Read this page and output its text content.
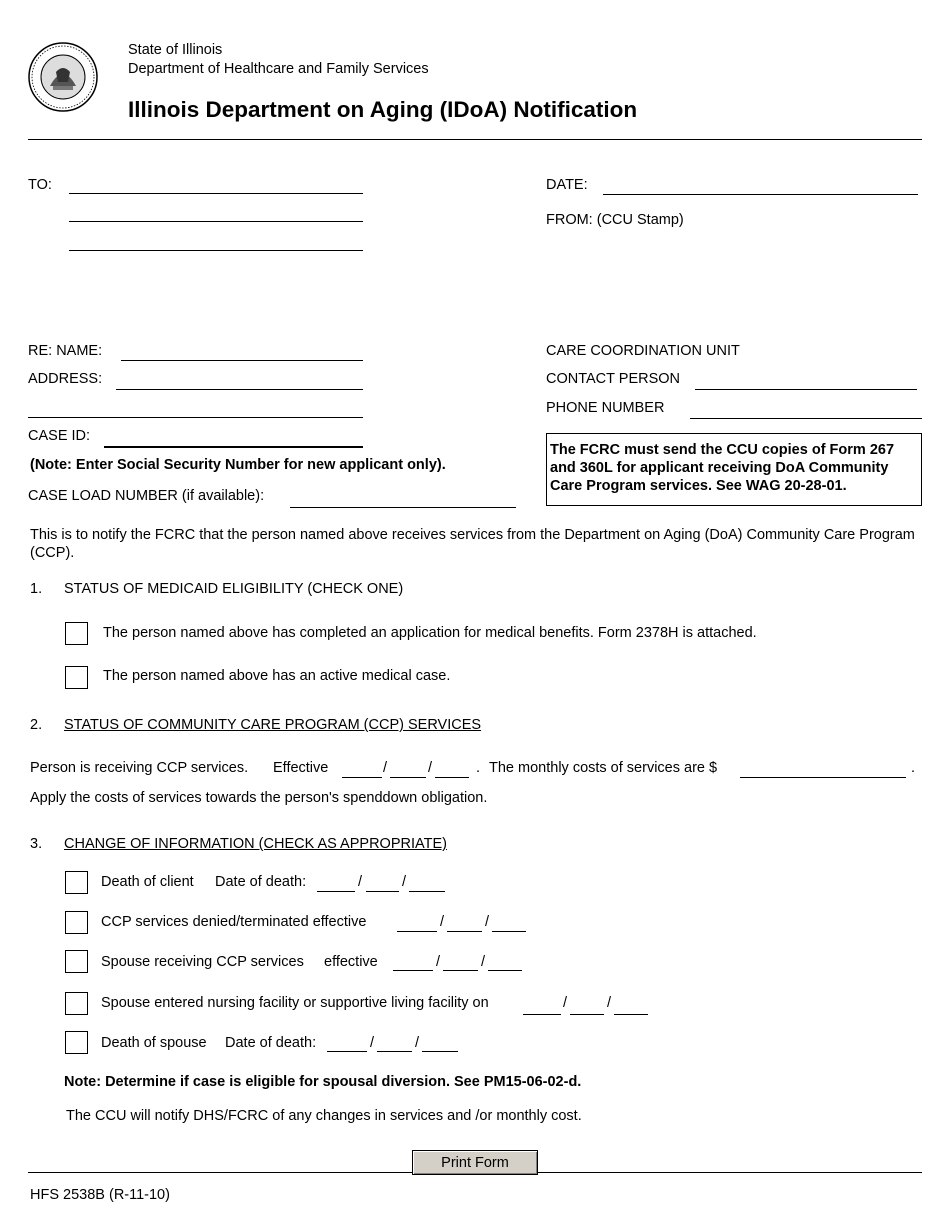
State of Illinois
Department of Healthcare and Family Services
Illinois Department on Aging (IDoA) Notification
TO:	DATE:
FROM: (CCU Stamp)
RE: NAME:
ADDRESS:
CASE ID:
(Note: Enter Social Security Number for new applicant only).
CASE LOAD NUMBER (if available):
CARE COORDINATION UNIT
CONTACT PERSON
PHONE NUMBER
The FCRC must send the CCU copies of Form 267 and 360L for applicant receiving DoA Community Care Program services. See WAG 20-28-01.
This is to notify the FCRC that the person named above receives services from the Department on Aging (DoA) Community Care Program (CCP).
1. STATUS OF MEDICAID ELIGIBILITY (CHECK ONE)
The person named above has completed an application for medical benefits. Form 2378H is attached.
The person named above has an active medical case.
2. STATUS OF COMMUNITY CARE PROGRAM (CCP) SERVICES
Person is receiving CCP services. Effective	/	/	. The monthly costs of services are $	.
Apply the costs of services towards the person's spenddown obligation.
3. CHANGE OF INFORMATION (CHECK AS APPROPRIATE)
Death of client Date of death:	/	/
CCP services denied/terminated effective	/	/
Spouse receiving CCP services effective	/	/
Spouse entered nursing facility or supportive living facility on	/	/
Death of spouse Date of death:	/	/
Note: Determine if case is eligible for spousal diversion. See PM15-06-02-d.
The CCU will notify DHS/FCRC of any changes in services and /or monthly cost.
Print Form
HFS 2538B (R-11-10)
